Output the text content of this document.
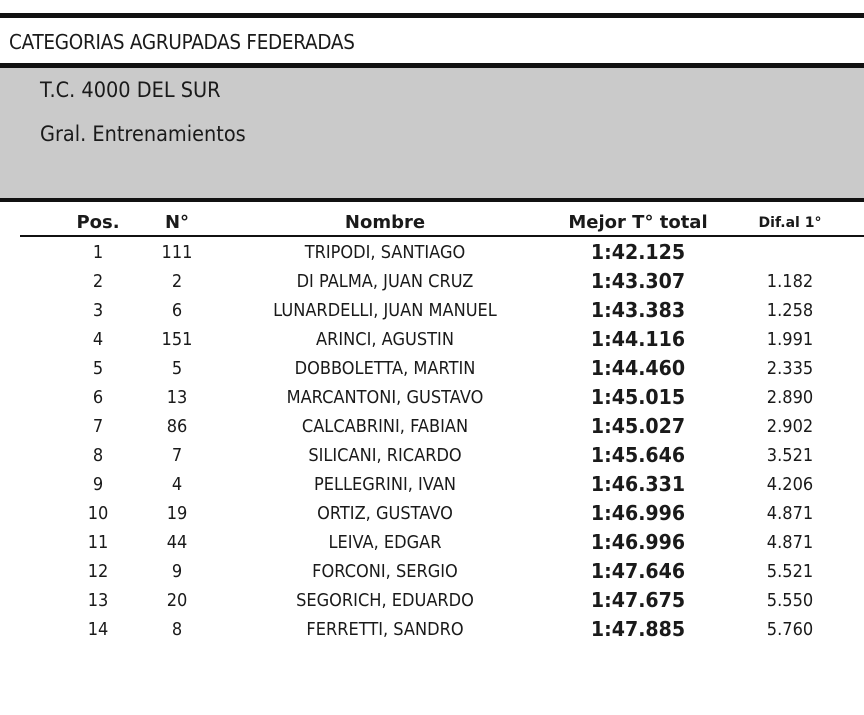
CATEGORIAS AGRUPADAS FEDERADAS
T.C. 4000 DEL SUR
Gral. Entrenamientos
Pos.	N°	Nombre	Mejor T° total	Dif.al 1°
1	111	TRIPODI, SANTIAGO	1:42.125
2	2	DI PALMA, JUAN CRUZ	1:43.307	1.182
3	6	LUNARDELLI, JUAN MANUEL	1:43.383	1.258
4	151	ARINCI, AGUSTIN	1:44.116	1.991
5	5	DOBBOLETTA, MARTIN	1:44.460	2.335
6	13	MARCANTONI, GUSTAVO	1:45.015	2.890
7	86	CALCABRINI, FABIAN	1:45.027	2.902
8	7	SILICANI, RICARDO	1:45.646	3.521
9	4	PELLEGRINI, IVAN	1:46.331	4.206
10	19	ORTIZ, GUSTAVO	1:46.996	4.871
11	44	LEIVA, EDGAR	1:46.996	4.871
12	9	FORCONI, SERGIO	1:47.646	5.521
13	20	SEGORICH, EDUARDO	1:47.675	5.550
14	8	FERRETTI, SANDRO	1:47.885	5.760
